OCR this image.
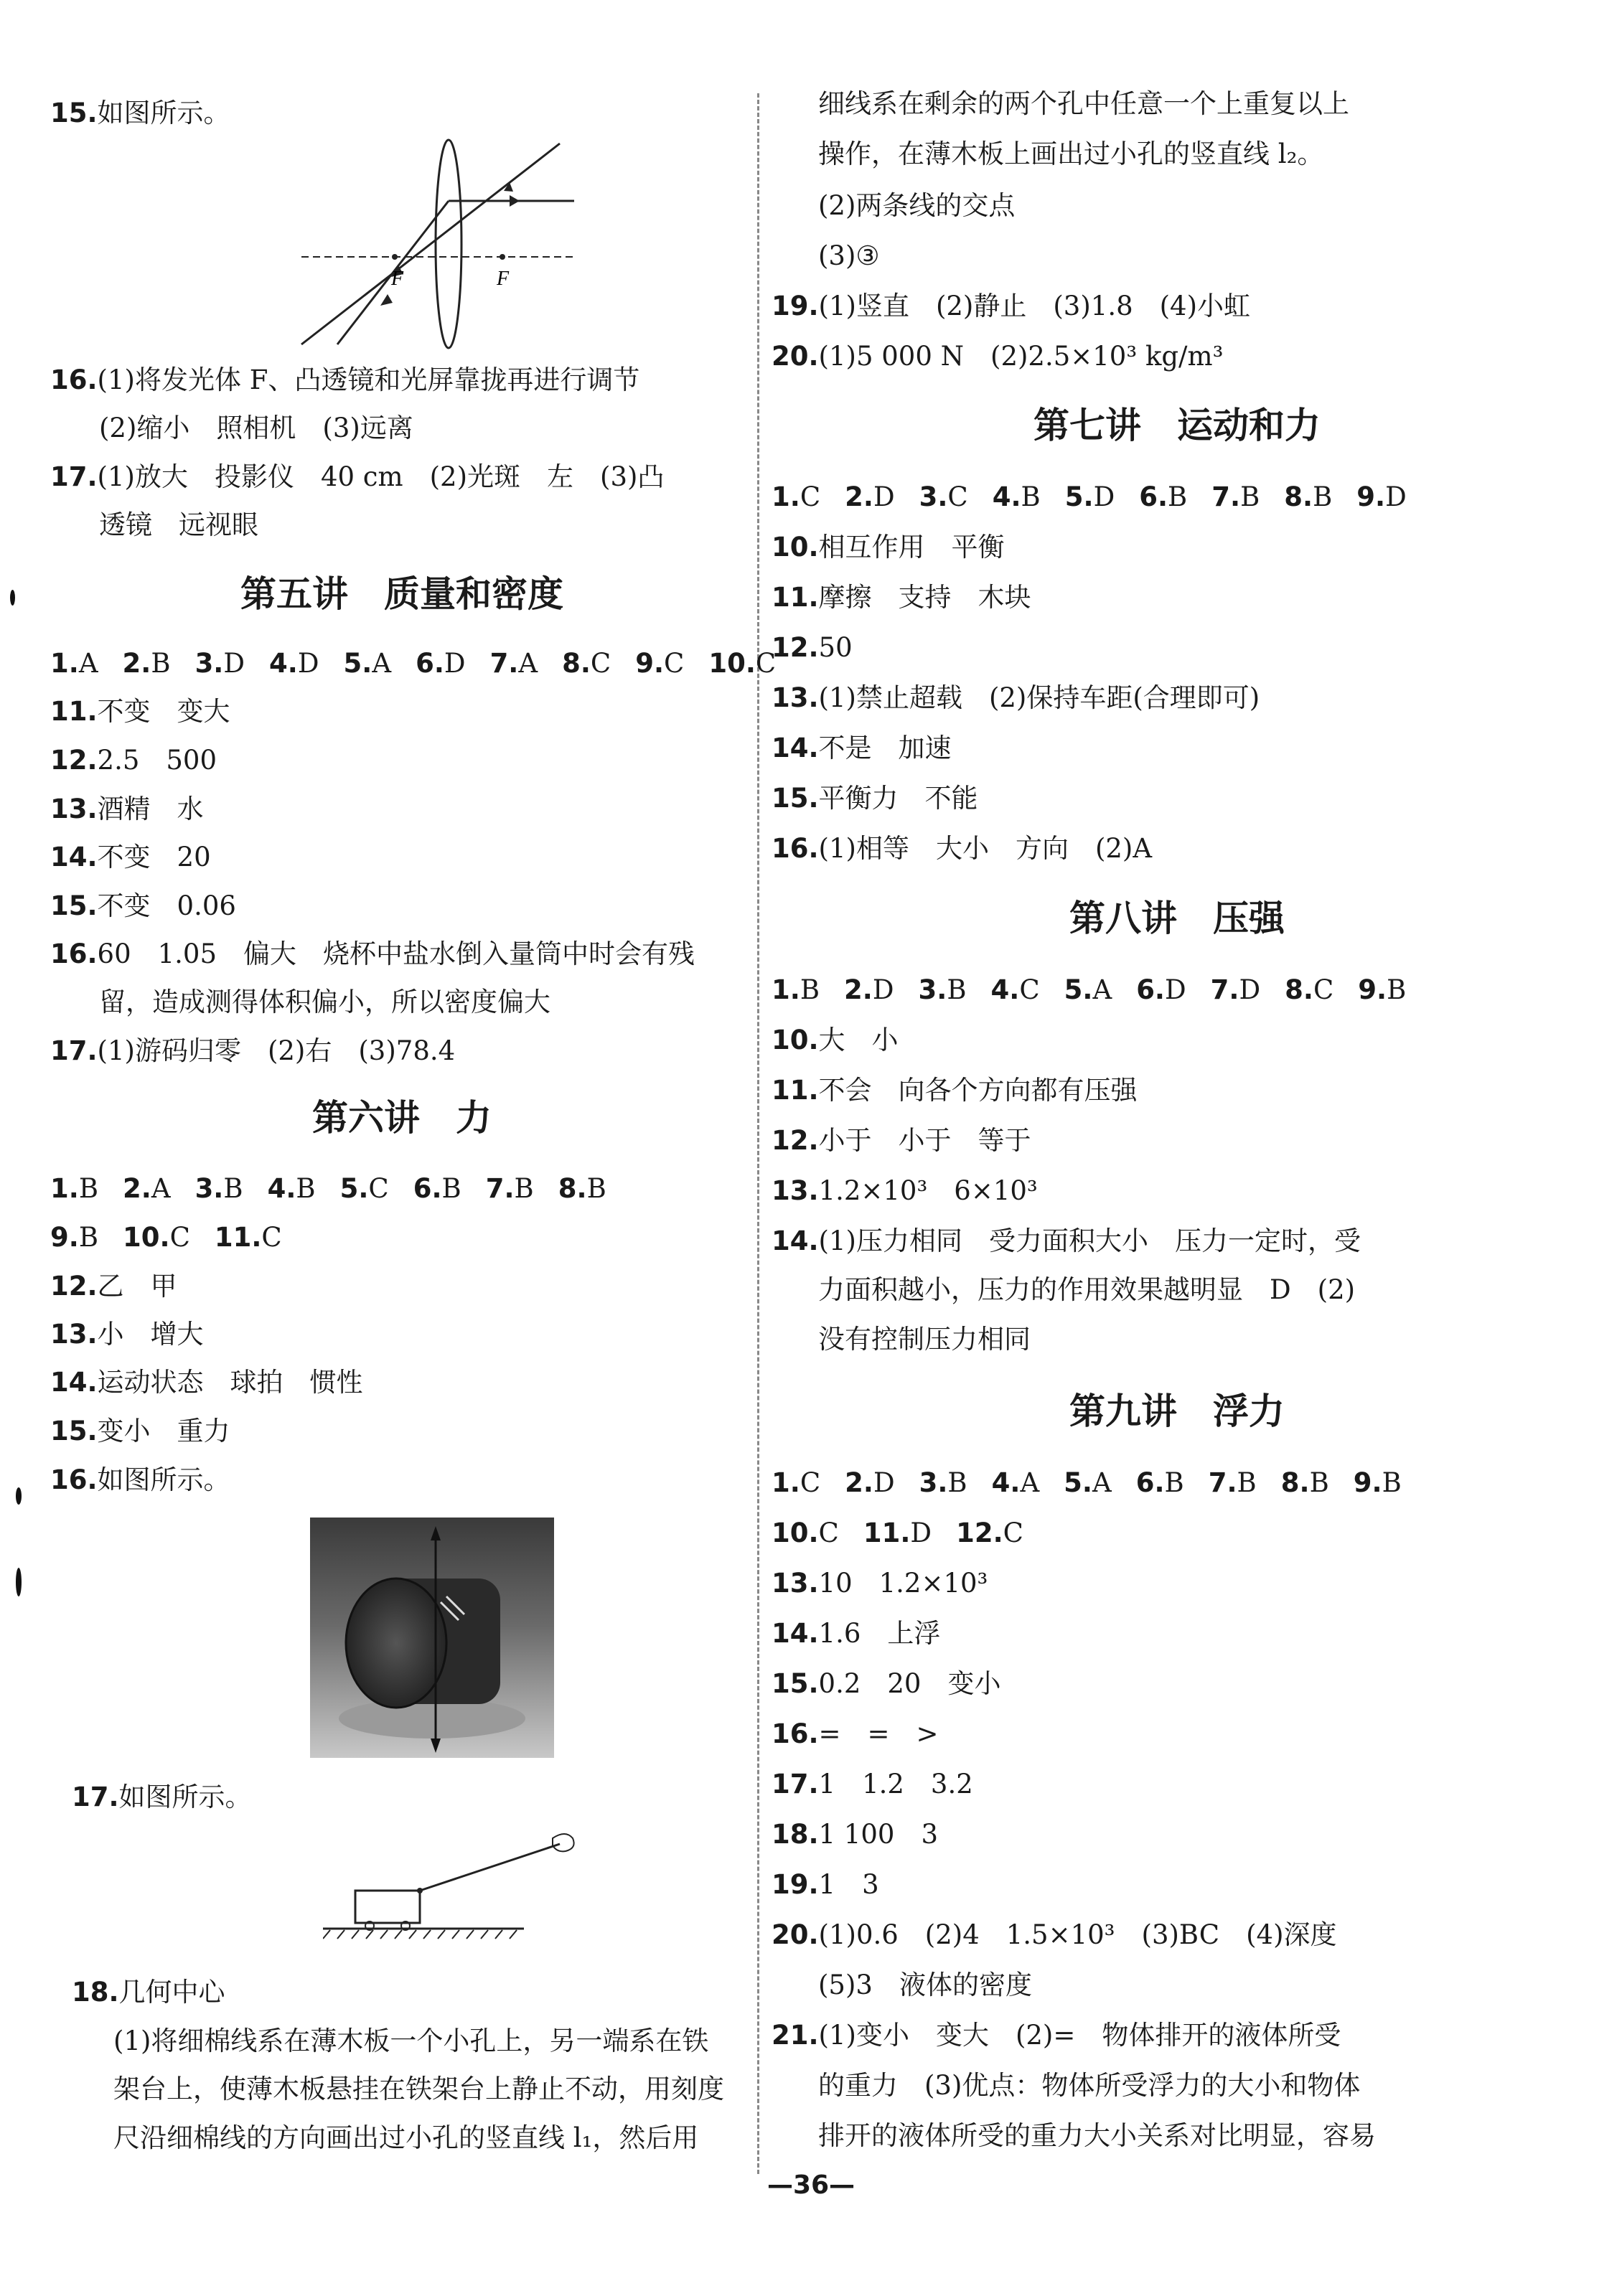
15.如图所示。
F	F
16.(1)将发光体 F、凸透镜和光屏靠拢再进行调节
(2)缩小　照相机　(3)远离
17.(1)放大　投影仪　40 cm　(2)光斑　左　(3)凸
透镜　远视眼
第五讲　质量和密度
1.A 2.B 3.D 4.D 5.A 6.D 7.A 8.C 9.C 10.C
11.不变　变大
12.2.5　500
13.酒精　水
14.不变　20
15.不变　0.06
16.60　1.05　偏大　烧杯中盐水倒入量筒中时会有残
留，造成测得体积偏小，所以密度偏大
17.(1)游码归零　(2)右　(3)78.4
第六讲　力
1.B 2.A 3.B 4.B 5.C 6.B 7.B 8.B
9.B 10.C 11.C
12.乙　甲
13.小　增大
14.运动状态　球拍　惯性
15.变小　重力
16.如图所示。
17.如图所示。
18.几何中心
(1)将细棉线系在薄木板一个小孔上，另一端系在铁
架台上，使薄木板悬挂在铁架台上静止不动，用刻度
尺沿细棉线的方向画出过小孔的竖直线 l₁，然后用
细线系在剩余的两个孔中任意一个上重复以上
操作，在薄木板上画出过小孔的竖直线 l₂。
(2)两条线的交点
(3)③
19.(1)竖直　(2)静止　(3)1.8　(4)小虹
20.(1)5 000 N　(2)2.5×10³ kg/m³
第七讲　运动和力
1.C 2.D 3.C 4.B 5.D 6.B 7.B 8.B 9.D
10.相互作用　平衡
11.摩擦　支持　木块
12.50
13.(1)禁止超载　(2)保持车距(合理即可)
14.不是　加速
15.平衡力　不能
16.(1)相等　大小　方向　(2)A
第八讲　压强
1.B 2.D 3.B 4.C 5.A 6.D 7.D 8.C 9.B
10.大　小
11.不会　向各个方向都有压强
12.小于　小于　等于
13.1.2×10³　6×10³
14.(1)压力相同　受力面积大小　压力一定时，受
力面积越小，压力的作用效果越明显　D　(2)
没有控制压力相同
第九讲　浮力
1.C 2.D 3.B 4.A 5.A 6.B 7.B 8.B 9.B
10.C 11.D 12.C
13.10　1.2×10³
14.1.6　上浮
15.0.2　20　变小
16.=　=　>
17.1　1.2　3.2
18.1 100　3
19.1　3
20.(1)0.6　(2)4　1.5×10³　(3)BC　(4)深度
(5)3　液体的密度
21.(1)变小　变大　(2)=　物体排开的液体所受
的重力　(3)优点：物体所受浮力的大小和物体
排开的液体所受的重力大小关系对比明显，容易
—36—
